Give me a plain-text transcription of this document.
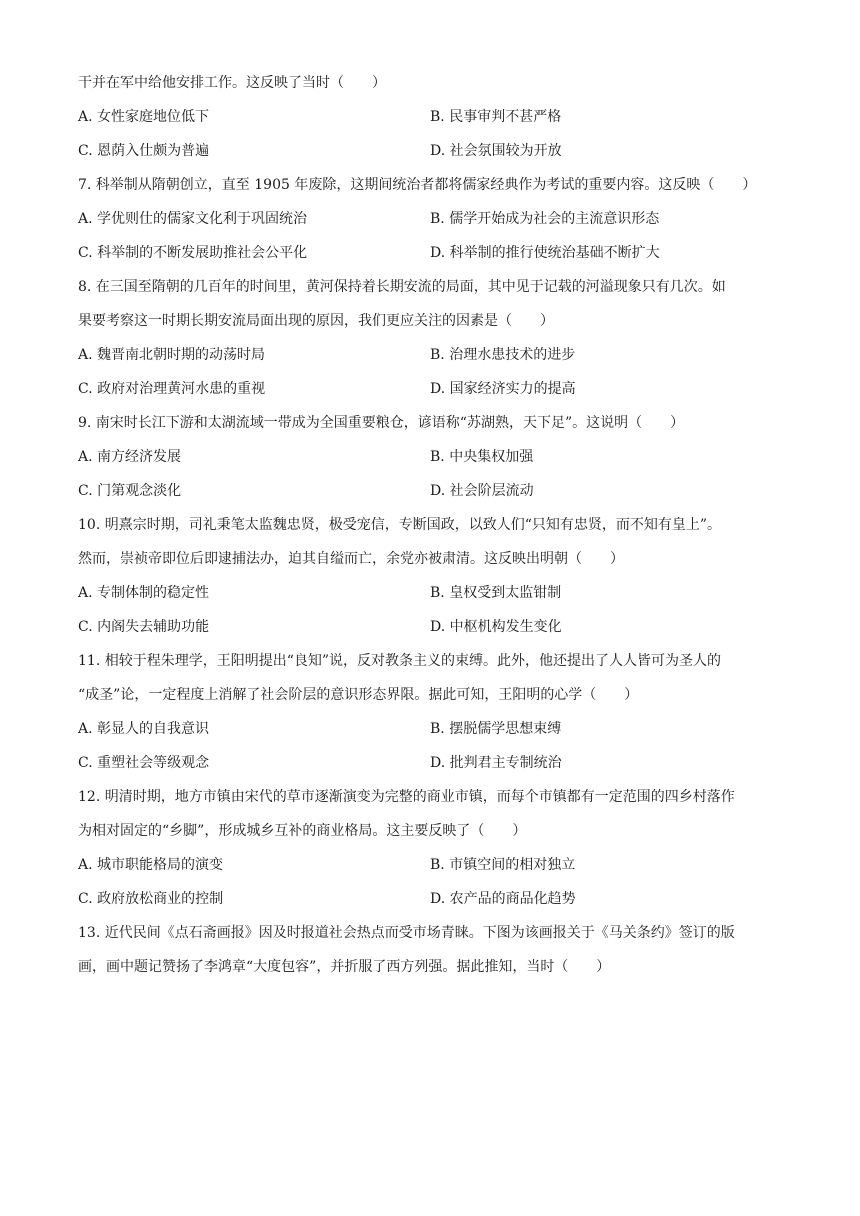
干并在军中给他安排工作。这反映了当时（　　）
A. 女性家庭地位低下	B. 民事审判不甚严格
C. 恩荫入仕颇为普遍	D. 社会氛围较为开放
7. 科举制从隋朝创立，直至 1905 年废除，这期间统治者都将儒家经典作为考试的重要内容。这反映（　　）
A. 学优则仕的儒家文化利于巩固统治	B. 儒学开始成为社会的主流意识形态
C. 科举制的不断发展助推社会公平化	D. 科举制的推行使统治基础不断扩大
8. 在三国至隋朝的几百年的时间里，黄河保持着长期安流的局面，其中见于记载的河溢现象只有几次。如
果要考察这一时期长期安流局面出现的原因，我们更应关注的因素是（　　）
A. 魏晋南北朝时期的动荡时局	B. 治理水患技术的进步
C. 政府对治理黄河水患的重视	D. 国家经济实力的提高
9. 南宋时长江下游和太湖流域一带成为全国重要粮仓，谚语称“苏湖熟，天下足”。这说明（　　）
A. 南方经济发展	B. 中央集权加强
C. 门第观念淡化	D. 社会阶层流动
10. 明熹宗时期，司礼秉笔太监魏忠贤，极受宠信，专断国政，以致人们“只知有忠贤，而不知有皇上”。
然而，崇祯帝即位后即逮捕法办，迫其自缢而亡，余党亦被肃清。这反映出明朝（　　）
A. 专制体制的稳定性	B. 皇权受到太监钳制
C. 内阁失去辅助功能	D. 中枢机构发生变化
11. 相较于程朱理学，王阳明提出“良知”说，反对教条主义的束缚。此外，他还提出了人人皆可为圣人的
“成圣”论，一定程度上消解了社会阶层的意识形态界限。据此可知，王阳明的心学（　　）
A. 彰显人的自我意识	B. 摆脱儒学思想束缚
C. 重塑社会等级观念	D. 批判君主专制统治
12. 明清时期，地方市镇由宋代的草市逐渐演变为完整的商业市镇，而每个市镇都有一定范围的四乡村落作
为相对固定的“乡脚”，形成城乡互补的商业格局。这主要反映了（　　）
A. 城市职能格局的演变	B. 市镇空间的相对独立
C. 政府放松商业的控制	D. 农产品的商品化趋势
13. 近代民间《点石斋画报》因及时报道社会热点而受市场青睐。下图为该画报关于《马关条约》签订的版
画，画中题记赞扬了李鸿章“大度包容”，并折服了西方列强。据此推知，当时（　　）
